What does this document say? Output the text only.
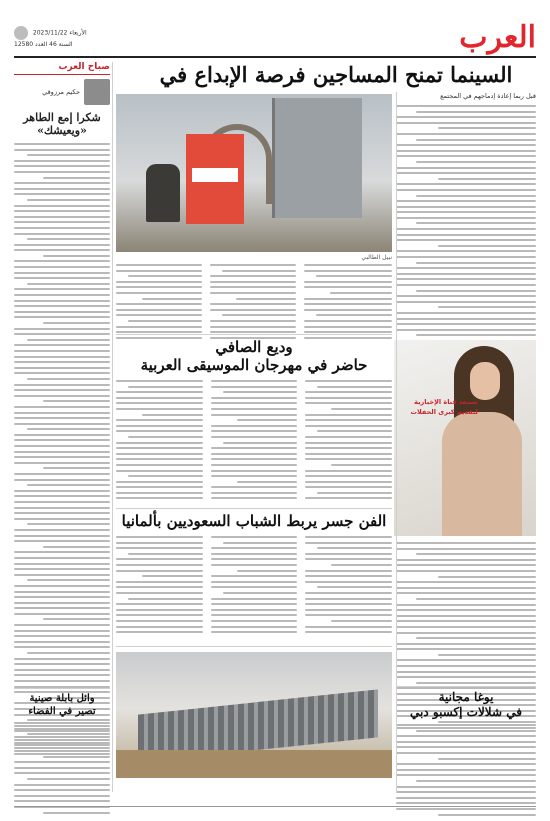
العرب
الأربعاء 2023/11/22
السنة 46 العدد 12580
السينما تمنح المساجين فرصة الإبداع في

قبل ربما إعادة إدماجهم في المجتمع

نبيل الطالبي
صباح العرب
حكيم مرزوقي
شكرا إمع الطاهر «ويعيشك»
وديع الصافي
حاضر في مهرجان الموسيقى العربية
تستعد قناة الإخبارية لتقديم كبرى الحفلات
الفن جسر يربط الشباب السعوديين بألمانيا
يوغا مجانية
في شلالات إكسبو دبي
وائل بابلة صينية
تصير في الفضاء
